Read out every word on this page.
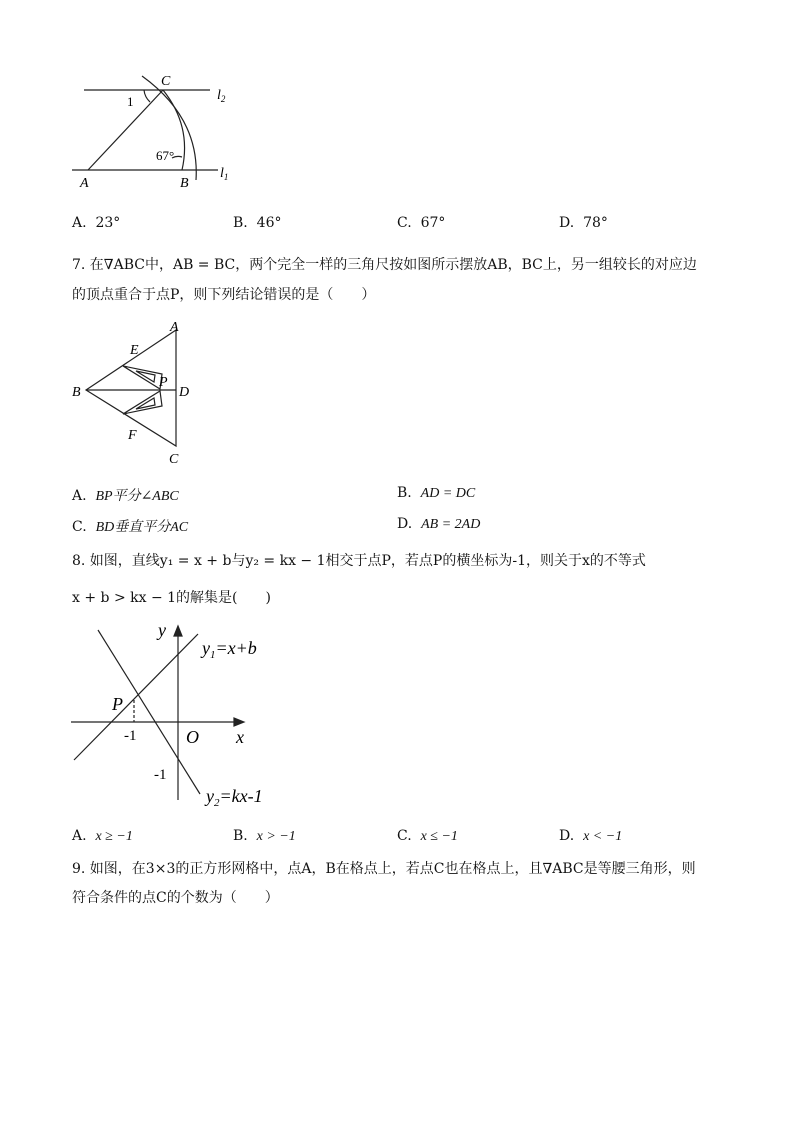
C
$l_2$
1
67°
A	B
$l_1$
A. 23°	B. 46°	C. 67°	D. 78°
7. 在∇ABC中，AB = BC，两个完全一样的三角尺按如图所示摆放AB，BC上，另一组较长的对应边
的顶点重合于点P，则下列结论错误的是（　　）
A
E
P
B	D
F
C
A. BP平分∠ABC	B. AD = DC
C. BD垂直平分AC	D. AB = 2AD
8. 如图，直线y₁ = x + b与y₂ = kx − 1相交于点P，若点P的横坐标为-1，则关于x的不等式
x + b > kx − 1的解集是(　　)
y
$y_1=x+b$
P
-1	O x
-1
$y_2=kx-1$
A. x ≥ −1	B. x > −1	C. x ≤ −1	D. x < −1
9. 如图，在3×3的正方形网格中，点A，B在格点上，若点C也在格点上，且∇ABC是等腰三角形，则
符合条件的点C的个数为（　　）
